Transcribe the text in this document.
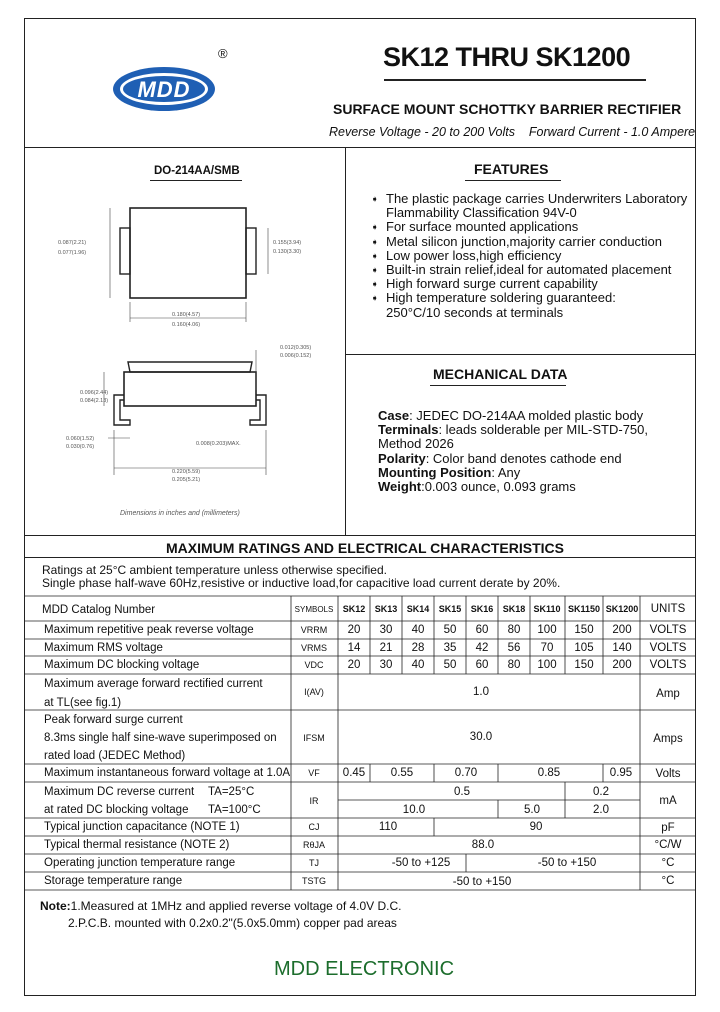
MDD
®	SK12 THRU SK1200
SURFACE MOUNT SCHOTTKY BARRIER RECTIFIER
Reverse Voltage - 20 to 200 Volts    Forward Current - 1.0 Ampere
DO-214AA/SMB
0.087(2.21)
0.077(1.96)
0.155(3.94)
0.130(3.30)
0.180(4.57)
0.160(4.06)
0.012(0.305)
0.006(0.152)
0.096(2.44)
0.084(2.13)
0.060(1.52)
0.030(0.76)	0.008(0.203)MAX.
0.220(5.59)
0.205(5.21)
Dimensions in inches and (millimeters)
FEATURES
➧ The plastic package carries Underwriters Laboratory
Flammability Classification 94V-0
➧ For surface mounted applications
➧ Metal silicon junction,majority carrier conduction
➧ Low power loss,high efficiency
➧ Built-in strain relief,ideal for automated placement
➧ High forward surge current capability
➧ High temperature soldering guaranteed:
250°C/10 seconds at terminals
MECHANICAL DATA
Case: JEDEC DO-214AA molded plastic body
Terminals: leads solderable per MIL-STD-750,
Method 2026
Polarity: Color band denotes cathode end
Mounting Position: Any
Weight:0.003 ounce, 0.093 grams
MAXIMUM RATINGS AND ELECTRICAL CHARACTERISTICS
Ratings at 25°C ambient temperature unless otherwise specified.
Single phase half-wave 60Hz,resistive or inductive load,for capacitive load current derate by 20%.
MDD Catalog Number	SYMBOLS SK12 SK13 SK14 SK15 SK16 SK18 SK110 SK1150 SK1200 UNITS
Maximum repetitive peak reverse voltage	VRRM 20 30 40 50 60 80 100 150 200 VOLTS
Maximum RMS voltage	VRMS 14 21 28 35 42 56 70 105 140 VOLTS
Maximum DC blocking voltage	VDC 20 30 40 50 60 80 100 150 200 VOLTS
Maximum average forward rectified current
at TL(see fig.1)
I(AV)	1.0	Amp
Peak forward surge current
8.3ms single half sine-wave superimposed on
rated load (JEDEC Method)
IFSM	30.0	Amps
Maximum instantaneous forward voltage at 1.0A VF 0.45 0.55	0.70	0.85	0.95 Volts
Maximum DC reverse current TA=25°C
at rated DC blocking voltage TA=100°C
IR
0.5	0.2
10.0	5.0	2.0
mA
Typical junction capacitance (NOTE 1)	CJ	110	90	pF
Typical thermal resistance (NOTE 2)	RθJA	88.0	°C/W
Operating junction temperature range	TJ	-50 to +125	-50 to +150	°C
Storage temperature range	TSTG	-50 to +150	°C
Note:1.Measured at 1MHz and applied reverse voltage of 4.0V D.C.
2.P.C.B. mounted with 0.2x0.2"(5.0x5.0mm) copper pad areas
MDD ELECTRONIC
